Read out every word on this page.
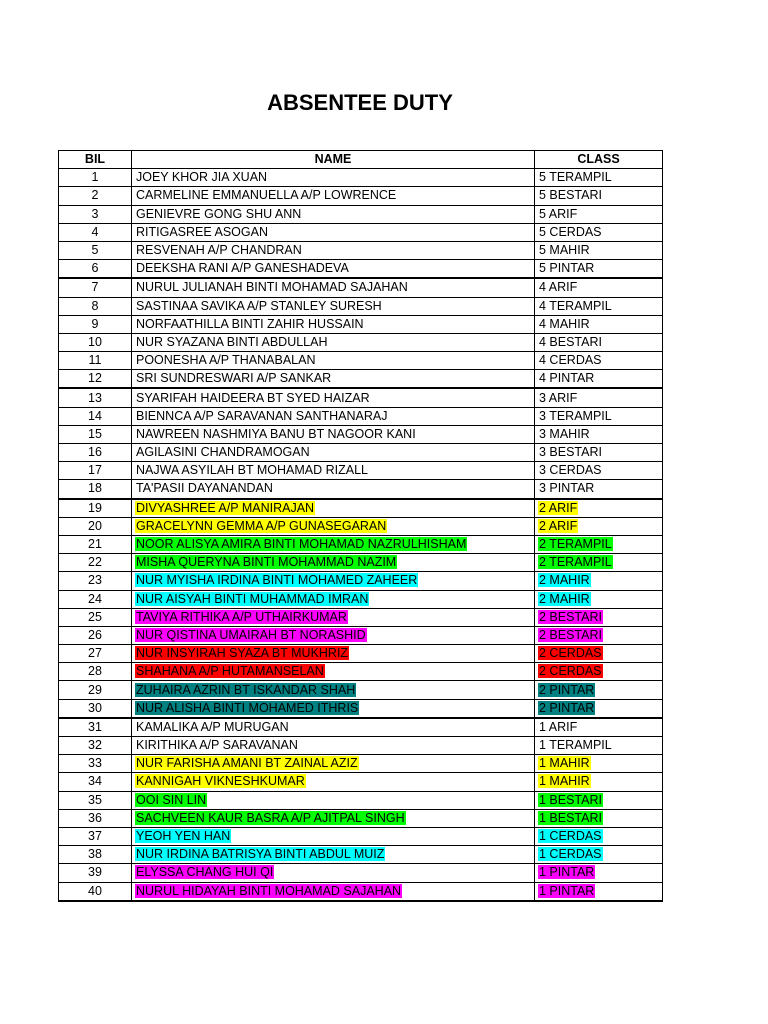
ABSENTEE DUTY
BIL	NAME	CLASS
1	JOEY KHOR JIA XUAN	5 TERAMPIL
2	CARMELINE EMMANUELLA A/P LOWRENCE	5 BESTARI
3	GENIEVRE GONG SHU ANN	5 ARIF
4	RITIGASREE ASOGAN	5 CERDAS
5	RESVENAH A/P CHANDRAN	5 MAHIR
6	DEEKSHA RANI A/P GANESHADEVA	5 PINTAR
7	NURUL JULIANAH BINTI MOHAMAD SAJAHAN	4 ARIF
8	SASTINAA SAVIKA A/P STANLEY SURESH	4 TERAMPIL
9	NORFAATHILLA BINTI ZAHIR HUSSAIN	4 MAHIR
10	NUR SYAZANA BINTI ABDULLAH	4 BESTARI
11	POONESHA A/P THANABALAN	4 CERDAS
12	SRI SUNDRESWARI A/P SANKAR	4 PINTAR
13	SYARIFAH HAIDEERA BT SYED HAIZAR	3 ARIF
14	BIENNCA A/P SARAVANAN SANTHANARAJ	3 TERAMPIL
15	NAWREEN NASHMIYA BANU BT NAGOOR KANI	3 MAHIR
16	AGILASINI CHANDRAMOGAN	3 BESTARI
17	NAJWA ASYILAH BT MOHAMAD RIZALL	3 CERDAS
18	TA'PASII DAYANANDAN	3 PINTAR
19	DIVYASHREE A/P MANIRAJAN	2 ARIF
20	GRACELYNN GEMMA A/P GUNASEGARAN	2 ARIF
21	NOOR ALISYA AMIRA BINTI MOHAMAD NAZRULHISHAM	2 TERAMPIL
22	MISHA QUERYNA BINTI MOHAMMAD NAZIM	2 TERAMPIL
23	NUR MYISHA IRDINA BINTI MOHAMED ZAHEER	2 MAHIR
24	NUR AISYAH BINTI MUHAMMAD IMRAN	2 MAHIR
25	TAVIYA RITHIKA A/P UTHAIRKUMAR	2 BESTARI
26	NUR QISTINA UMAIRAH BT NORASHID	2 BESTARI
27	NUR INSYIRAH SYAZA BT MUKHRIZ	2 CERDAS
28	SHAHANA A/P HUTAMANSELAN	2 CERDAS
29	ZUHAIRA AZRIN BT ISKANDAR SHAH	2 PINTAR
30	NUR ALISHA BINTI MOHAMED ITHRIS	2 PINTAR
31	KAMALIKA A/P MURUGAN	1 ARIF
32	KIRITHIKA A/P SARAVANAN	1 TERAMPIL
33	NUR FARISHA AMANI BT ZAINAL AZIZ	1 MAHIR
34	KANNIGAH VIKNESHKUMAR	1 MAHIR
35	OOI SIN LIN	1 BESTARI
36	SACHVEEN KAUR BASRA A/P AJITPAL SINGH	1 BESTARI
37	YEOH YEN HAN	1 CERDAS
38	NUR IRDINA BATRISYA BINTI ABDUL MUIZ	1 CERDAS
39	ELYSSA CHANG HUI QI	1 PINTAR
40	NURUL HIDAYAH BINTI MOHAMAD SAJAHAN	1 PINTAR
